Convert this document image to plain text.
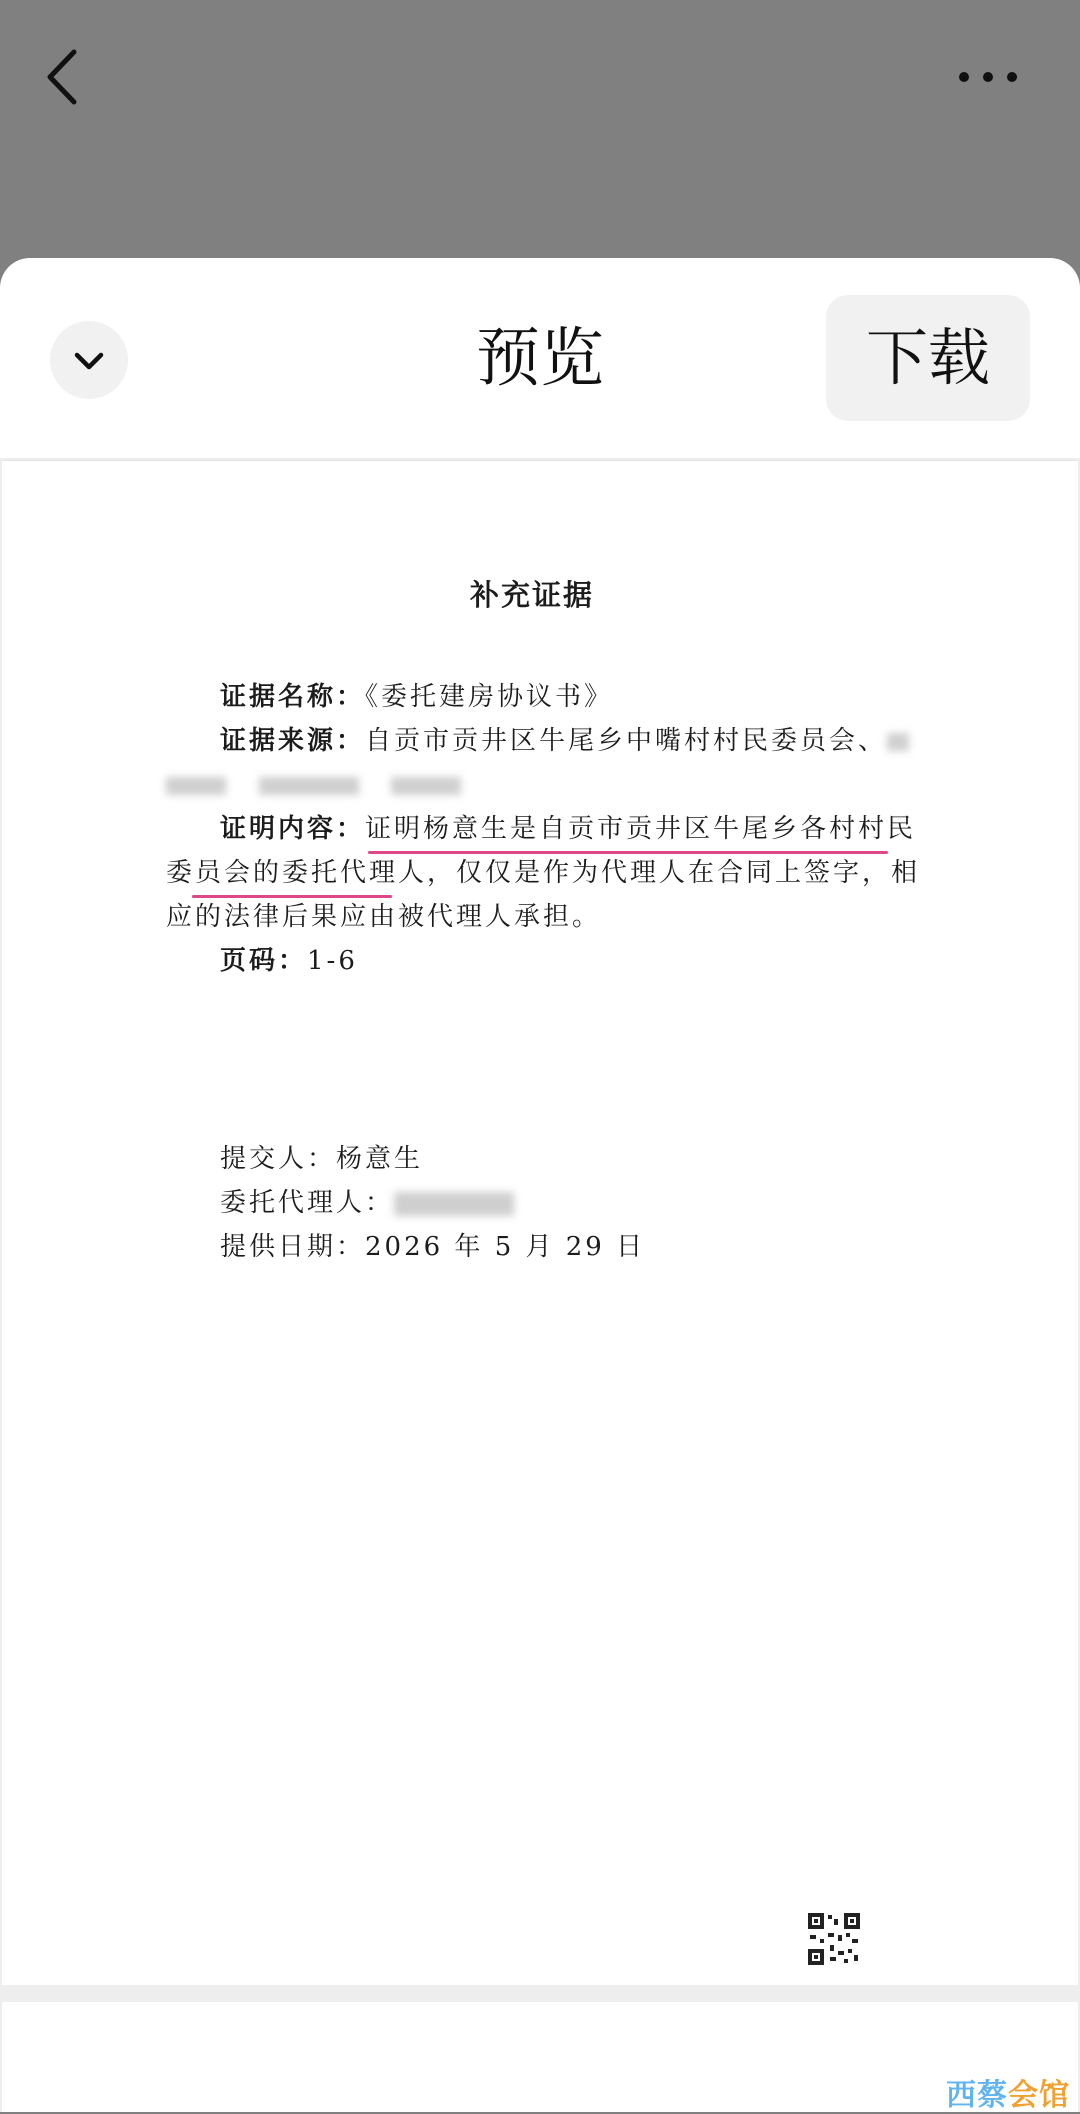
预览	下载
补充证据
证据名称：《委托建房协议书》
证据来源：自贡市贡井区牛尾乡中嘴村村民委员会、

证明内容：证明杨意生是自贡市贡井区牛尾乡各村村民
委员会的委托代理人，仅仅是作为代理人在合同上签字，相
应的法律后果应由被代理人承担。
页码：1-6
提交人：杨意生
委托代理人：
提供日期：2026 年 5 月 29 日
西蔡会馆
